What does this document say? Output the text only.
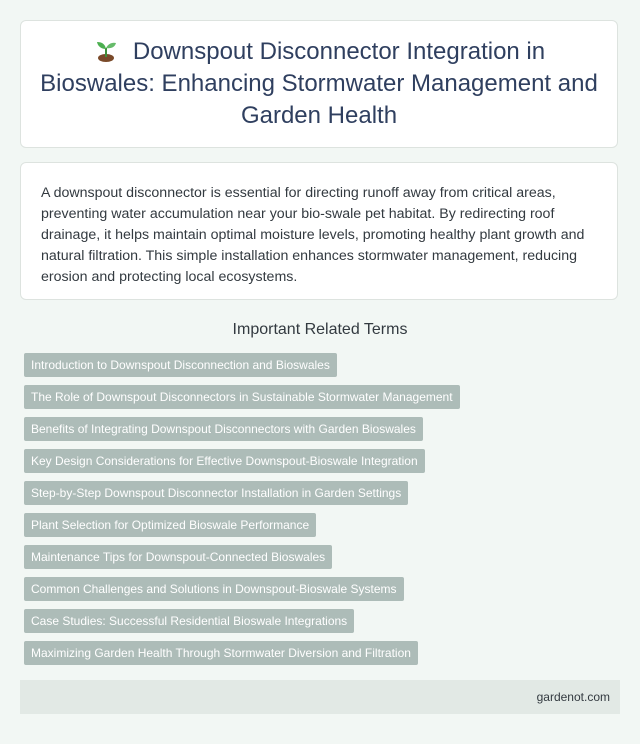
Downspout Disconnector Integration in Bioswales: Enhancing Stormwater Management and Garden Health

A downspout disconnector is essential for directing runoff away from critical areas, preventing water accumulation near your bio-swale pet habitat. By redirecting roof drainage, it helps maintain optimal moisture levels, promoting healthy plant growth and natural filtration. This simple installation enhances stormwater management, reducing erosion and protecting local ecosystems.

Important Related Terms
Introduction to Downspout Disconnection and Bioswales
The Role of Downspout Disconnectors in Sustainable Stormwater Management
Benefits of Integrating Downspout Disconnectors with Garden Bioswales
Key Design Considerations for Effective Downspout-Bioswale Integration
Step-by-Step Downspout Disconnector Installation in Garden Settings
Plant Selection for Optimized Bioswale Performance
Maintenance Tips for Downspout-Connected Bioswales
Common Challenges and Solutions in Downspout-Bioswale Systems
Case Studies: Successful Residential Bioswale Integrations
Maximizing Garden Health Through Stormwater Diversion and Filtration
gardenot.com
